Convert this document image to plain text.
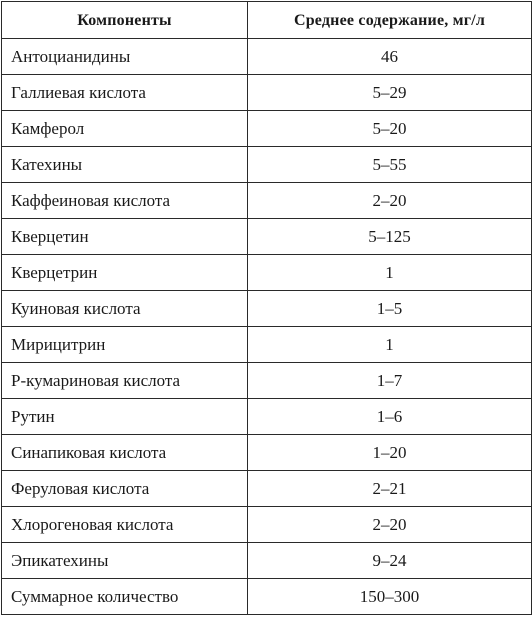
Компоненты	Среднее содержание, мг/л
Антоцианидины	46
Галлиевая кислота	5–29
Камферол	5–20
Катехины	5–55
Каффеиновая кислота	2–20
Кверцетин	5–125
Кверцетрин	1
Куиновая кислота	1–5
Мирицитрин	1
Р-кумариновая кислота	1–7
Рутин	1–6
Синапиковая кислота	1–20
Феруловая кислота	2–21
Хлорогеновая кислота	2–20
Эпикатехины	9–24
Суммарное количество	150–300
